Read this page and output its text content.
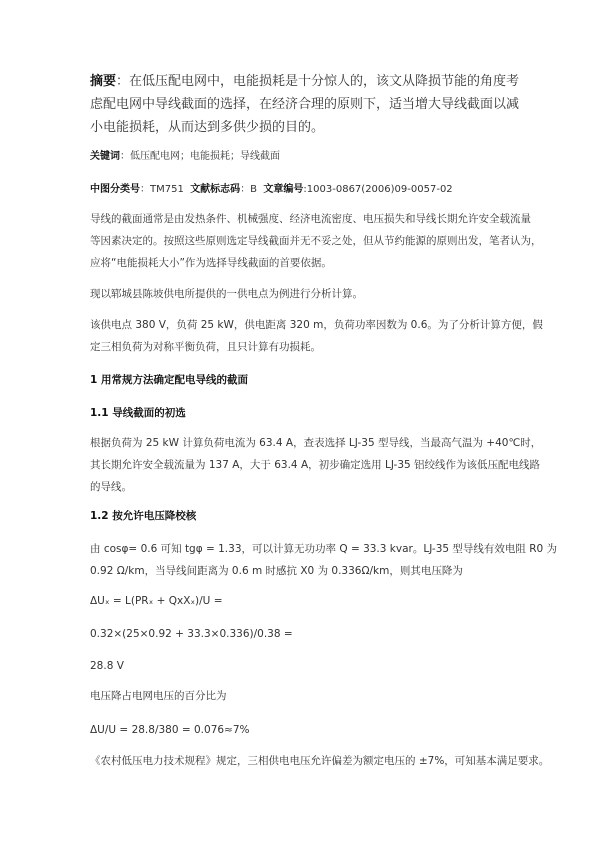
摘要：在低压配电网中，电能损耗是十分惊人的，该文从降损节能的角度考虑配电网中导线截面的选择，在经济合理的原则下，适当增大导线截面以减小电能损耗，从而达到多供少损的目的。
关键词：低压配电网；电能损耗；导线截面
中图分类号：TM751 文献标志码：B 文章编号:1003-0867(2006)09-0057-02

导线的截面通常是由发热条件、机械强度、经济电流密度、电压损失和导线长期允许安全载流量

等因素决定的。按照这些原则选定导线截面并无不妥之处，但从节约能源的原则出发，笔者认为，

应将“电能损耗大小”作为选择导线截面的首要依据。

现以郓城县陈坡供电所提供的一供电点为例进行分析计算。

该供电点 380 V，负荷 25 kW，供电距离 320 m，负荷功率因数为 0.6。为了分析计算方便，假

定三相负荷为对称平衡负荷，且只计算有功损耗。

1 用常规方法确定配电导线的截面

1.1 导线截面的初选

根据负荷为 25 kW 计算负荷电流为 63.4 A，查表选择 LJ-35 型导线，当最高气温为 +40℃时，

其长期允许安全载流量为 137 A，大于 63.4 A，初步确定选用 LJ-35 铝绞线作为该低压配电线路

的导线。

1.2 按允许电压降校核

由 cosφ= 0.6 可知 tgφ = 1.33，可以计算无功功率 Q = 33.3 kvar。LJ-35 型导线有效电阻 R0 为

0.92 Ω/km，当导线间距离为 0.6 m 时感抗 X0 为 0.336Ω/km，则其电压降为

ΔUₓ = L(PRₓ + QxXₓ)/U =

0.32×(25×0.92 + 33.3×0.336)/0.38 =

28.8 V

电压降占电网电压的百分比为

ΔU/U = 28.8/380 = 0.076≈7%

《农村低压电力技术规程》规定，三相供电电压允许偏差为额定电压的 ±7%，可知基本满足要求。
